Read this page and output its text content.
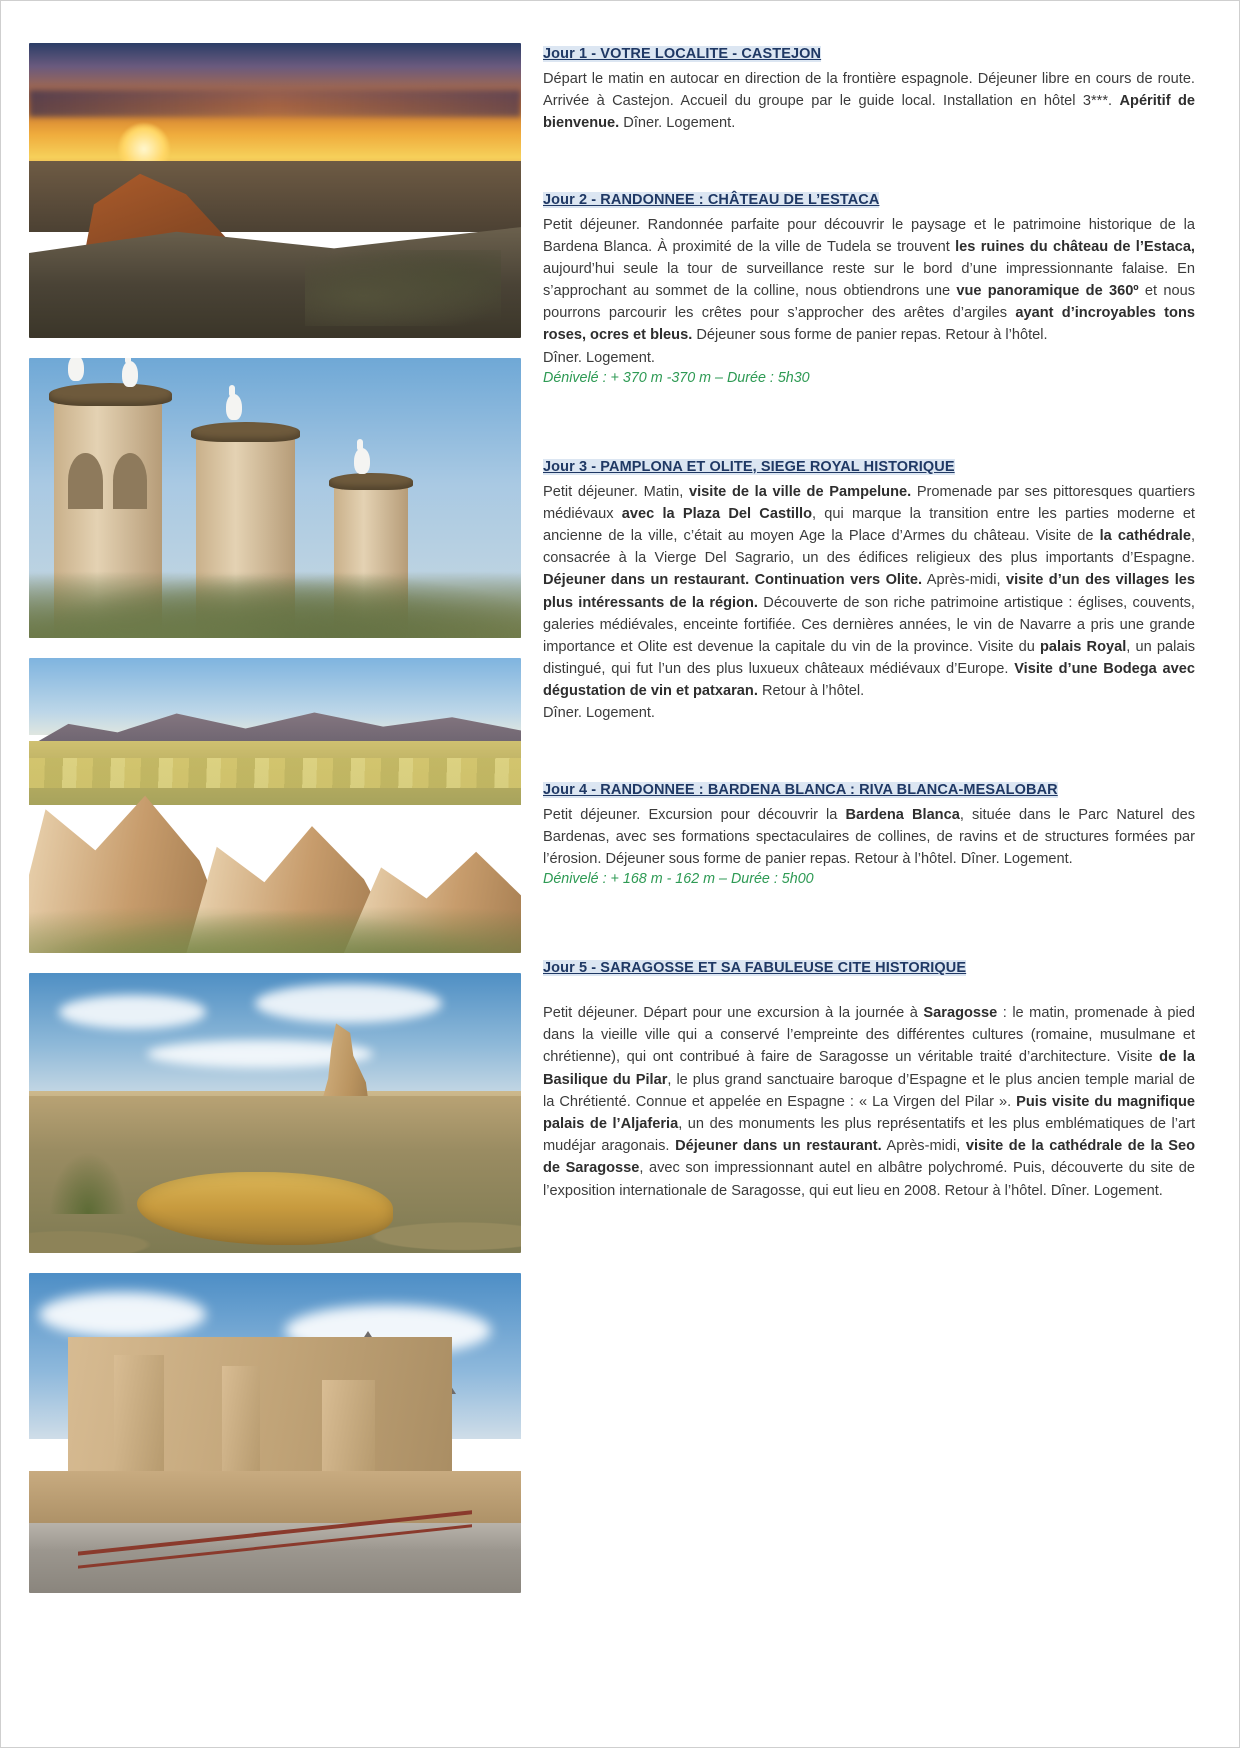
Jour 1 - VOTRE LOCALITE - CASTEJON
Départ le matin en autocar en direction de la frontière espagnole. Déjeuner libre en cours de route. Arrivée à Castejon. Accueil du groupe par le guide local. Installation en hôtel 3***. Apéritif de bienvenue. Dîner. Logement.
Jour 2 - RANDONNEE : CHÂTEAU DE L’ESTACA
Petit déjeuner. Randonnée parfaite pour découvrir le paysage et le patrimoine historique de la Bardena Blanca. À proximité de la ville de Tudela se trouvent les ruines du château de l’Estaca, aujourd’hui seule la tour de surveillance reste sur le bord d’une impressionnante falaise. En s’approchant au sommet de la colline, nous obtiendrons une vue panoramique de 360º et nous pourrons parcourir les crêtes pour s’approcher des arêtes d’argiles ayant d’incroyables tons roses, ocres et bleus. Déjeuner sous forme de panier repas. Retour à l’hôtel.
Dîner. Logement.
Dénivelé : + 370 m -370 m – Durée : 5h30
Jour 3 - PAMPLONA ET OLITE, SIEGE ROYAL HISTORIQUE
Petit déjeuner. Matin, visite de la ville de Pampelune. Promenade par ses pittoresques quartiers médiévaux avec la Plaza Del Castillo, qui marque la transition entre les parties moderne et ancienne de la ville, c’était au moyen Age la Place d’Armes du château. Visite de la cathédrale, consacrée à la Vierge Del Sagrario, un des édifices religieux des plus importants d’Espagne. Déjeuner dans un restaurant. Continuation vers Olite. Après-midi, visite d’un des villages les plus intéressants de la région. Découverte de son riche patrimoine artistique : églises, couvents, galeries médiévales, enceinte fortifiée. Ces dernières années, le vin de Navarre a pris une grande importance et Olite est devenue la capitale du vin de la province. Visite du palais Royal, un palais distingué, qui fut l’un des plus luxueux châteaux médiévaux d’Europe. Visite d’une Bodega avec dégustation de vin et patxaran. Retour à l’hôtel.
Dîner. Logement.
Jour 4 - RANDONNEE : BARDENA BLANCA : RIVA BLANCA-MESALOBAR
Petit déjeuner. Excursion pour découvrir la Bardena Blanca, située dans le Parc Naturel des Bardenas, avec ses formations spectaculaires de collines, de ravins et de structures formées par l’érosion. Déjeuner sous forme de panier repas. Retour à l’hôtel. Dîner. Logement.
Dénivelé : + 168 m - 162 m – Durée : 5h00
Jour 5 - SARAGOSSE ET SA FABULEUSE CITE HISTORIQUE
Petit déjeuner. Départ pour une excursion à la journée à Saragosse : le matin, promenade à pied dans la vieille ville qui a conservé l’empreinte des différentes cultures (romaine, musulmane et chrétienne), qui ont contribué à faire de Saragosse un véritable traité d’architecture. Visite de la Basilique du Pilar, le plus grand sanctuaire baroque d’Espagne et le plus ancien temple marial de la Chrétienté. Connue et appelée en Espagne : « La Virgen del Pilar ». Puis visite du magnifique palais de l’Aljaferia, un des monuments les plus représentatifs et les plus emblématiques de l’art mudéjar aragonais. Déjeuner dans un restaurant. Après-midi, visite de la cathédrale de la Seo de Saragosse, avec son impressionnant autel en albâtre polychromé. Puis, découverte du site de l’exposition internationale de Saragosse, qui eut lieu en 2008. Retour à l’hôtel. Dîner. Logement.
